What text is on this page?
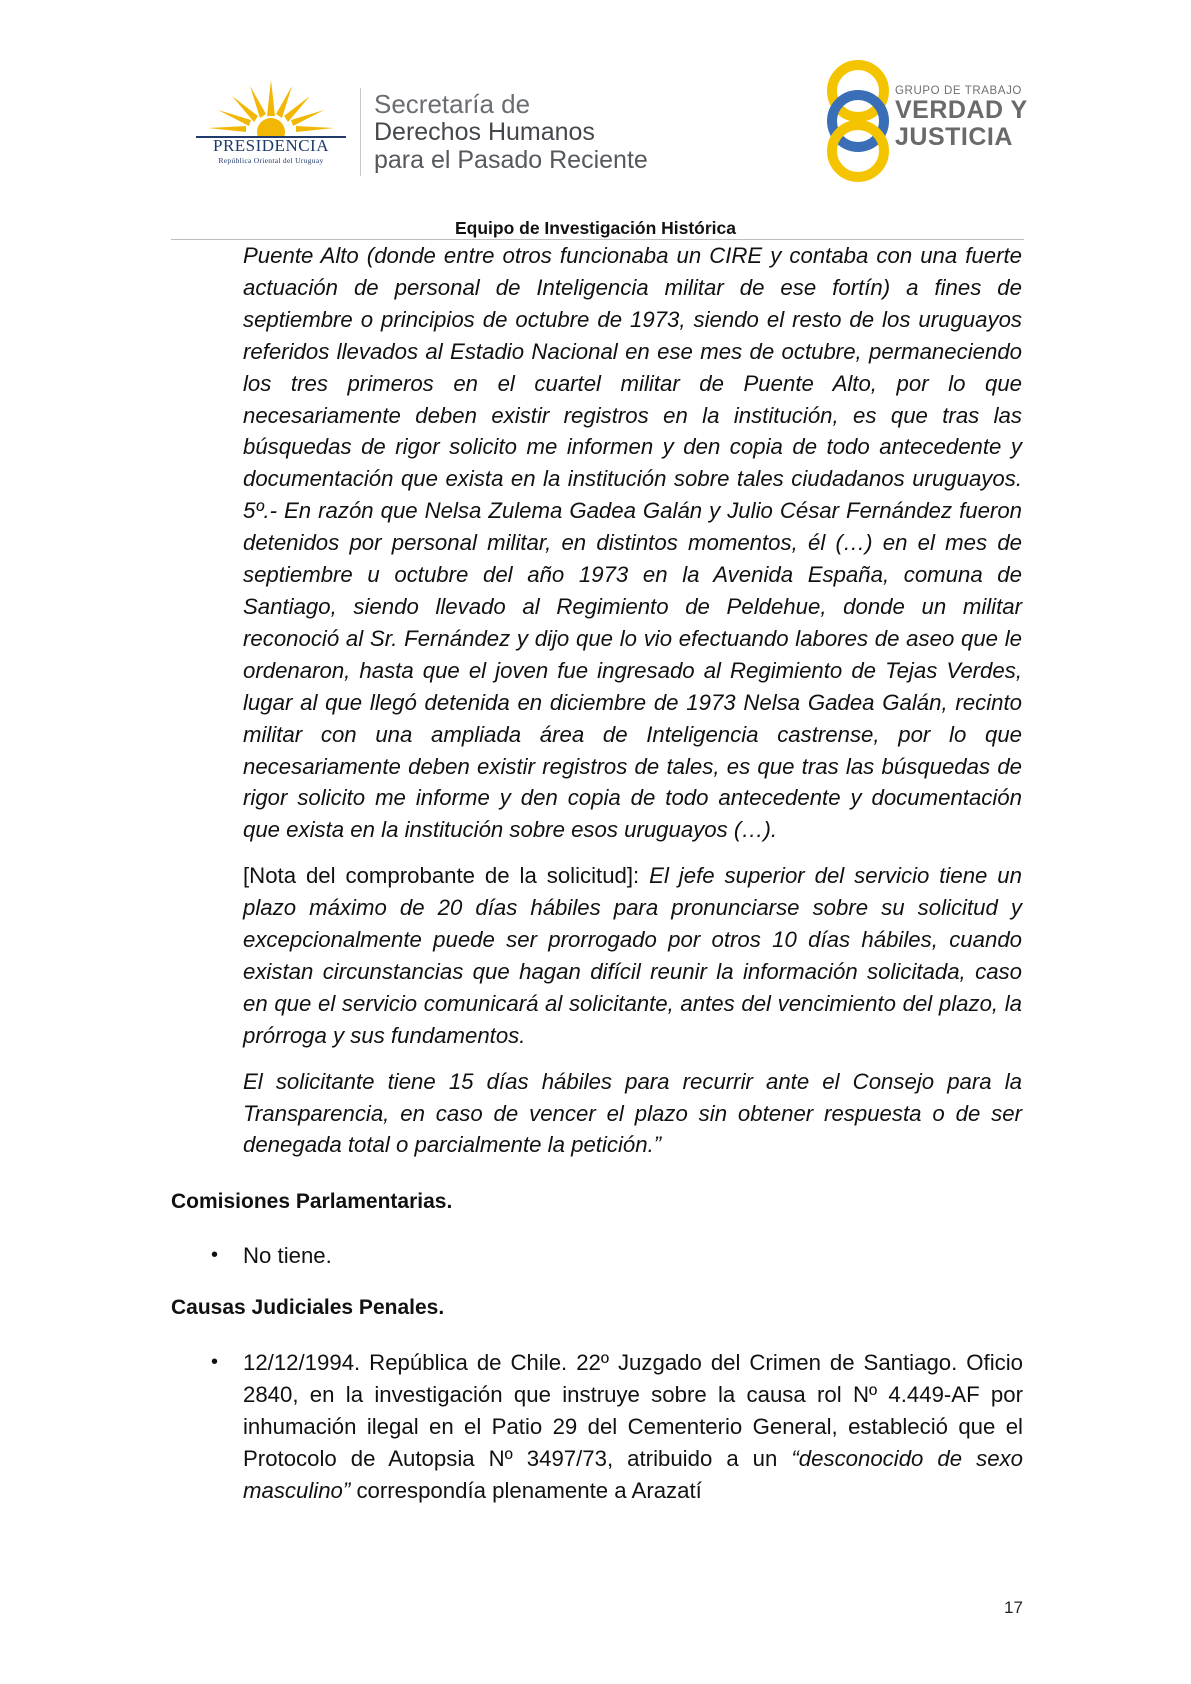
PRESIDENCIA
República Oriental del Uruguay
Secretaría de
Derechos Humanos
para el Pasado Reciente
GRUPO DE TRABAJO
VERDAD Y
JUSTICIA
Equipo de Investigación Histórica

Puente Alto (donde entre otros funcionaba un CIRE y contaba con una fuerte actuación de personal de Inteligencia militar de ese fortín) a fines de septiembre o principios de octubre de 1973, siendo el resto de los uruguayos referidos llevados al Estadio Nacional en ese mes de octubre, permaneciendo los tres primeros en el cuartel militar de Puente Alto, por lo que necesariamente deben existir registros en la institución, es que tras las búsquedas de rigor solicito me informen y den copia de todo antecedente y documentación que exista en la institución sobre tales ciudadanos uruguayos. 5º.- En razón que Nelsa Zulema Gadea Galán y Julio César Fernández fueron detenidos por personal militar, en distintos momentos, él (…) en el mes de septiembre u octubre del año 1973 en la Avenida España, comuna de Santiago, siendo llevado al Regimiento de Peldehue, donde un militar reconoció al Sr. Fernández y dijo que lo vio efectuando labores de aseo que le ordenaron, hasta que el joven fue ingresado al Regimiento de Tejas Verdes, lugar al que llegó detenida en diciembre de 1973 Nelsa Gadea Galán, recinto militar con una ampliada área de Inteligencia castrense, por lo que necesariamente deben existir registros de tales, es que tras las búsquedas de rigor solicito me informe y den copia de todo antecedente y documentación que exista en la institución sobre esos uruguayos (…).

[Nota del comprobante de la solicitud]: El jefe superior del servicio tiene un plazo máximo de 20 días hábiles para pronunciarse sobre su solicitud y excepcionalmente puede ser prorrogado por otros 10 días hábiles, cuando existan circunstancias que hagan difícil reunir la información solicitada, caso en que el servicio comunicará al solicitante, antes del vencimiento del plazo, la prórroga y sus fundamentos.

El solicitante tiene 15 días hábiles para recurrir ante el Consejo para la Transparencia, en caso de vencer el plazo sin obtener respuesta o de ser denegada total o parcialmente la petición.”

Comisiones Parlamentarias.
• No tiene.
Causas Judiciales Penales.
• 12/12/1994. República de Chile. 22º Juzgado del Crimen de Santiago. Oficio 2840, en la investigación que instruye sobre la causa rol Nº 4.449-AF por inhumación ilegal en el Patio 29 del Cementerio General, estableció que el Protocolo de Autopsia Nº 3497/73, atribuido a un “desconocido de sexo masculino” correspondía plenamente a Arazatí
17
